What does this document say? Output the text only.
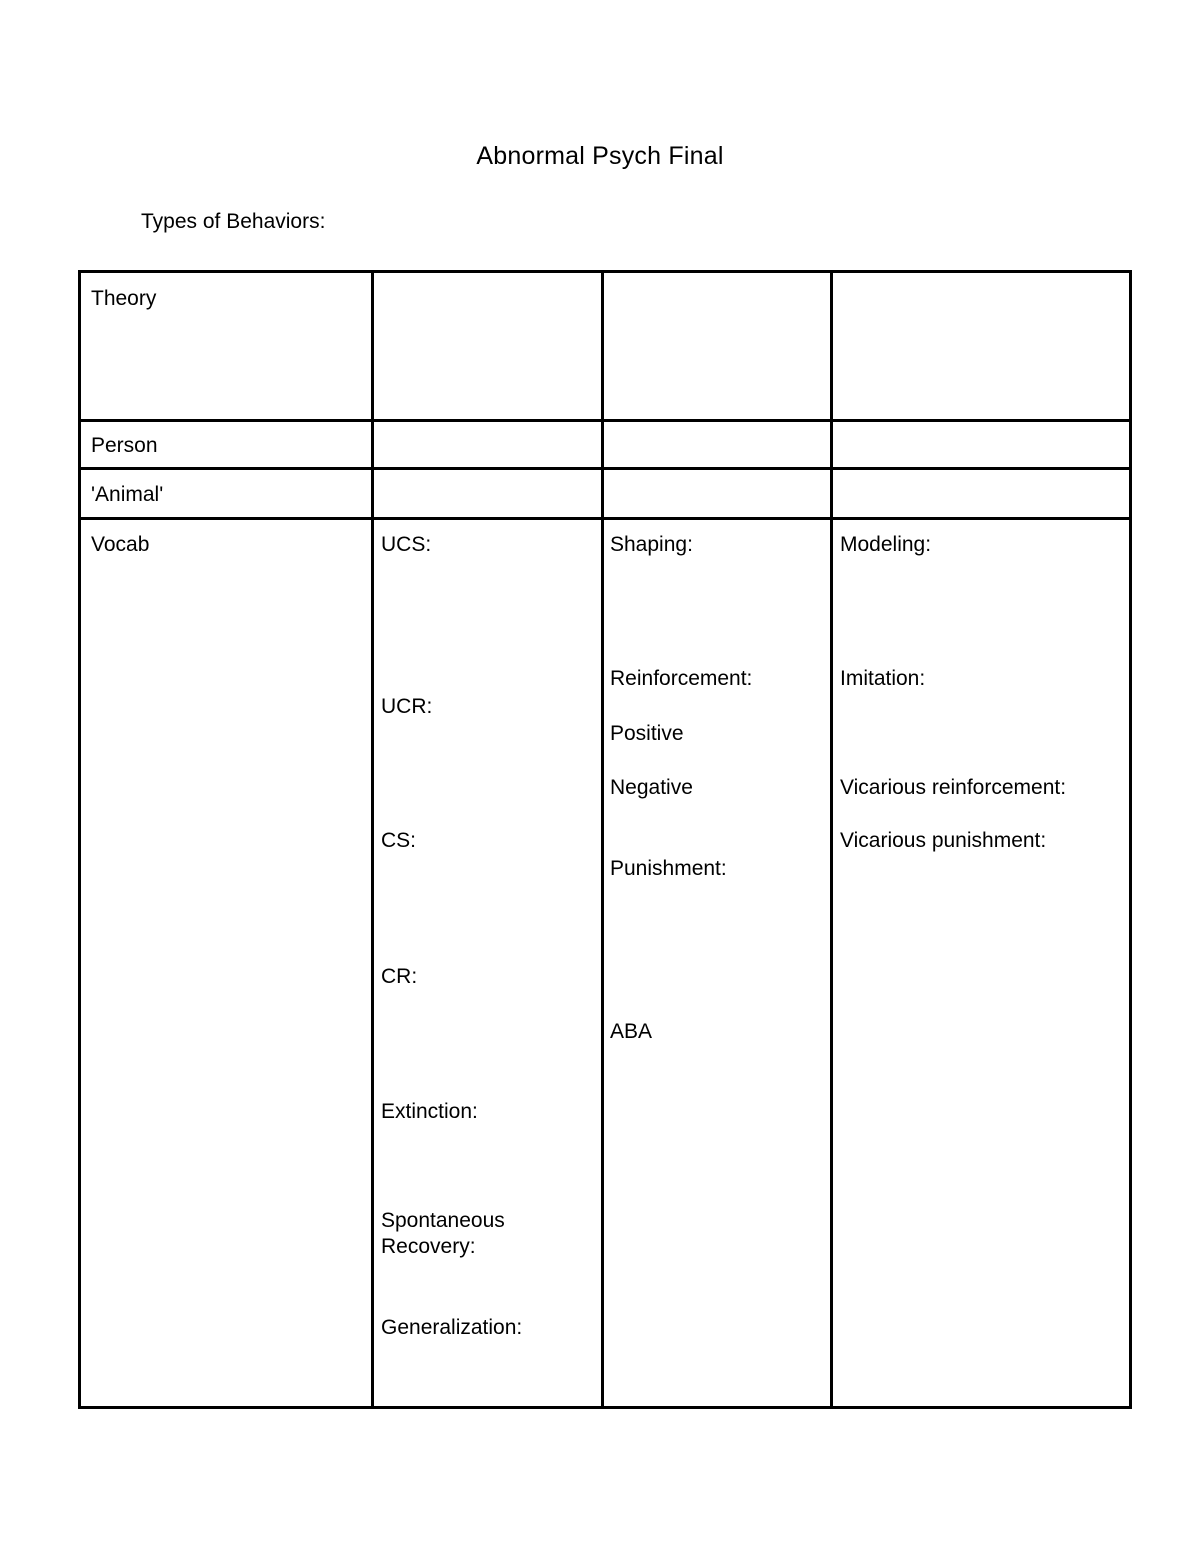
Abnormal Psych Final
Types of Behaviors:
Theory
Person
'Animal'
Vocab	UCS:
UCR:
CS:
CR:
Extinction:
Spontaneous Recovery:
Generalization:
Shaping:
Reinforcement:
Positive
Negative
Punishment:
ABA
Modeling:
Imitation:
Vicarious reinforcement:
Vicarious punishment:
